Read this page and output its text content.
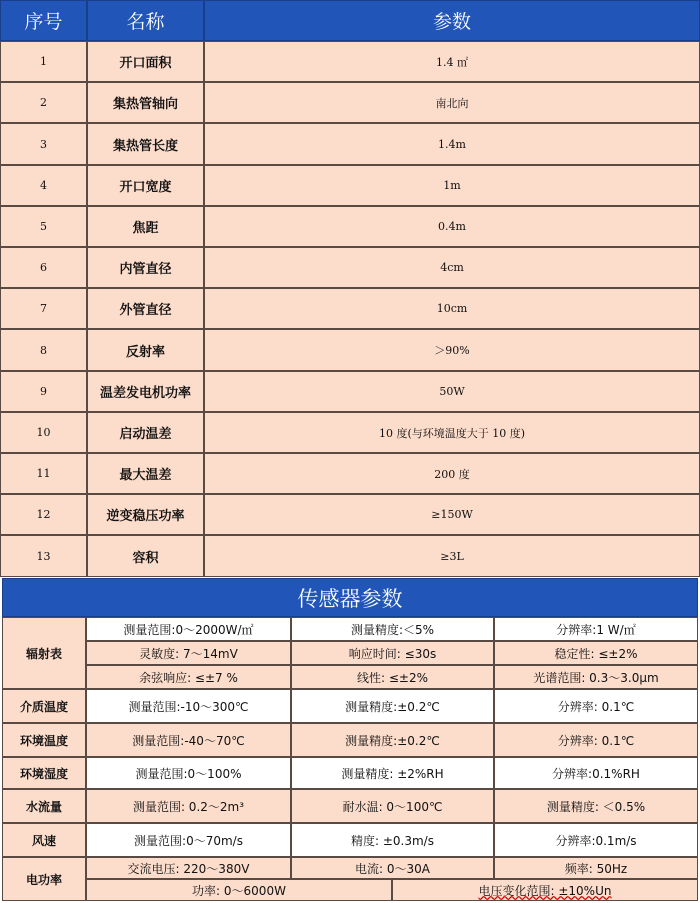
序号	名称	参数
1	开口面积	1.4 ㎡
2	集热管轴向	南北向
3	集热管长度	1.4m
4	开口宽度	1m
5	焦距	0.4m
6	内管直径	4cm
7	外管直径	10cm
8	反射率	＞90%
9	温差发电机功率	50W
10	启动温差	10 度(与环境温度大于 10 度)
11	最大温差	200 度
12	逆变稳压功率	≥150W
13	容积	≥3L
传感器参数
辐射表
测量范围:0～2000W/㎡	测量精度:＜5%	分辨率:1 W/㎡
灵敏度: 7～14mV	响应时间: ≤30s	稳定性: ≤±2%
余弦响应: ≤±7 %	线性: ≤±2%	光谱范围: 0.3～3.0μm
介质温度	测量范围:-10～300℃	测量精度:±0.2℃	分辨率: 0.1℃
环境温度	测量范围:-40～70℃	测量精度:±0.2℃	分辨率: 0.1℃
环境湿度	测量范围:0～100%	测量精度: ±2%RH	分辨率:0.1%RH
水流量	测量范围: 0.2～2m³	耐水温: 0～100℃	测量精度: ＜0.5%
风速	测量范围:0～70m/s	精度: ±0.3m/s	分辨率:0.1m/s
电功率
交流电压: 220～380V	电流: 0～30A	频率: 50Hz
功率: 0～6000W	电压变化范围: ±10%Un
